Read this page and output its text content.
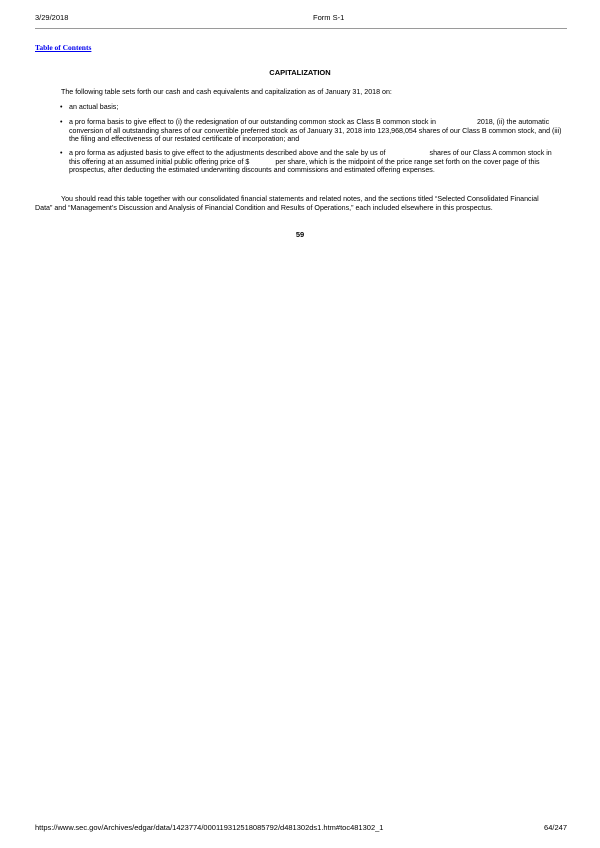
3/29/2018	Form S-1
Table of Contents
CAPITALIZATION
The following table sets forth our cash and cash equivalents and capitalization as of January 31, 2018 on:
• an actual basis;
• a pro forma basis to give effect to (i) the redesignation of our outstanding common stock as Class B common stock in	2018, (ii) the automatic conversion of all outstanding shares of our convertible preferred stock as of January 31, 2018 into 123,968,054 shares of our Class B common stock, and (iii) the filing and effectiveness of our restated certificate of incorporation; and
• a pro forma as adjusted basis to give effect to the adjustments described above and the sale by us of	shares of our Class A common stock in this offering at an assumed initial public offering price of $	per share, which is the midpoint of the price range set forth on the cover page of this prospectus, after deducting the estimated underwriting discounts and commissions and estimated offering expenses.
You should read this table together with our consolidated financial statements and related notes, and the sections titled “Selected Consolidated Financial Data” and “Management’s Discussion and Analysis of Financial Condition and Results of Operations,” each included elsewhere in this prospectus.
59
https://www.sec.gov/Archives/edgar/data/1423774/000119312518085792/d481302ds1.htm#toc481302_1	64/247
